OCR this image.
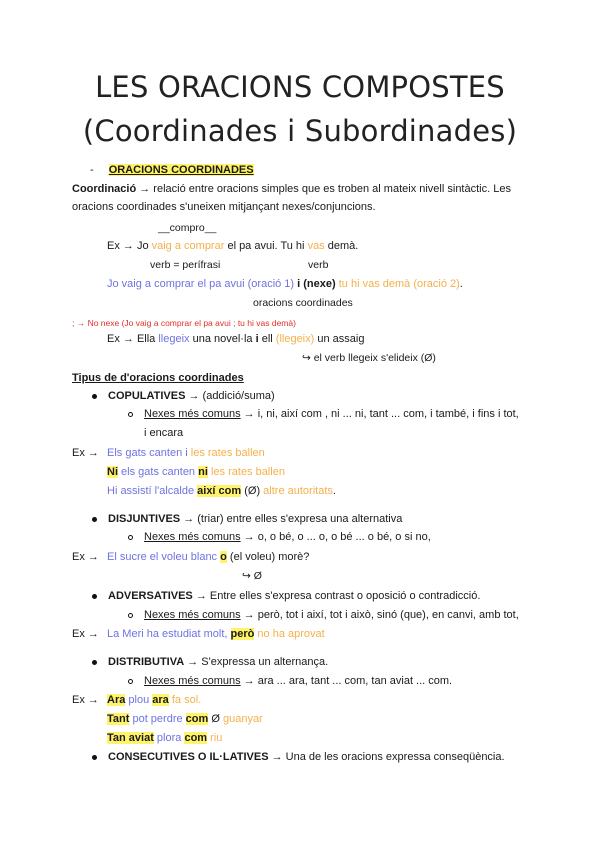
LES ORACIONS COMPOSTES
(Coordinades i Subordinades)
- ORACIONS COORDINADES
Coordinació → relació entre oracions simples que es troben al mateix nivell sintàctic. Les
oracions coordinades s'uneixen mitjançant nexes/conjuncions.
__compro__
Ex → Jo vaig a comprar el pa avui. Tu hi vas demà.
verb = perífrasi	verb
Jo vaig a comprar el pa avui (oració 1) i (nexe) tu hi vas demà (oració 2).
oracions coordinades
; → No nexe (Jo vaig a comprar el pa avui ; tu hi vas demà)
Ex → Ella llegeix una novel·la i ell (llegeix) un assaig
↪ el verb llegeix s'elideix (Ø)
Tipus de d'oracions coordinades
COPULATIVES → (addició/suma)
Nexes més comuns → i, ni, així com , ni ... ni, tant ... com, i també, i fins i tot,
i encara
Ex → Els gats canten i les rates ballen
Ni els gats canten ni les rates ballen
Hi assistí l'alcalde així com (Ø) altre autoritats.
DISJUNTIVES → (triar) entre elles s'expresa una alternativa
Nexes més comuns → o, o bé, o ... o, o bé ... o bé, o si no,
Ex → El sucre el voleu blanc o (el voleu) morè?
↪ Ø
ADVERSATIVES → Entre elles s'expresa contrast o oposició o contradicció.
Nexes més comuns → però, tot i així, tot i això, sinó (que), en canvi, amb tot,
Ex → La Meri ha estudiat molt, però no ha aprovat
DISTRIBUTIVA → S'expressa un alternança.
Nexes més comuns → ara ... ara, tant ... com, tan aviat ... com.
Ex → Ara plou ara fa sol.
Tant pot perdre com Ø guanyar
Tan aviat plora com riu
CONSECUTIVES O IL·LATIVES → Una de les oracions expressa conseqüència.
